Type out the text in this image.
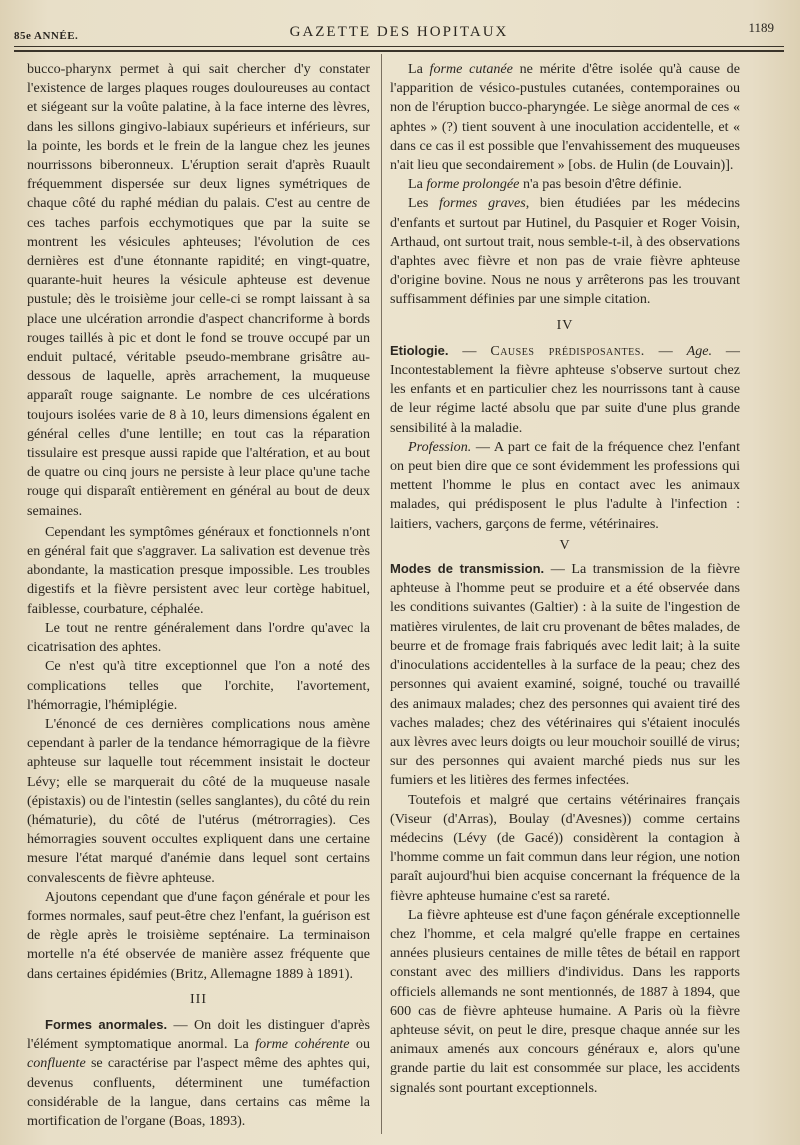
85e ANNÉE.	GAZETTE DES HOPITAUX	1189

bucco-pharynx permet à qui sait chercher d'y constater l'existence de larges plaques rouges douloureuses au contact et siégeant sur la voûte palatine, à la face interne des lèvres, dans les sillons gingivo-labiaux supérieurs et inférieurs, sur la pointe, les bords et le frein de la langue chez les jeunes nourrissons biberonneux. L'éruption serait d'après Ruault fréquemment dispersée sur deux lignes symétriques de chaque côté du raphé médian du palais. C'est au centre de ces taches parfois ecchymotiques que par la suite se montrent les vésicules aphteuses; l'évolution de ces dernières est d'une étonnante rapidité; en vingt-quatre, quarante-huit heures la vésicule aphteuse est devenue pustule; dès le troisième jour celle-ci se rompt laissant à sa place une ulcération arrondie d'aspect chancriforme à bords rouges taillés à pic et dont le fond se trouve occupé par un enduit pultacé, véritable pseudo-membrane grisâtre au-dessous de laquelle, après arrachement, la muqueuse apparaît rouge saignante. Le nombre de ces ulcérations toujours isolées varie de 8 à 10, leurs dimensions égalent en général celles d'une lentille; en tout cas la réparation tissulaire est presque aussi rapide que l'altération, et au bout de quatre ou cinq jours ne persiste à leur place qu'une tache rouge qui disparaît entièrement en général au bout de deux semaines.

Cependant les symptômes généraux et fonctionnels n'ont en général fait que s'aggraver. La salivation est devenue très abondante, la mastication presque impossible. Les troubles digestifs et la fièvre persistent avec leur cortège habituel, faiblesse, courbature, céphalée.

Le tout ne rentre généralement dans l'ordre qu'avec la cicatrisation des aphtes.

Ce n'est qu'à titre exceptionnel que l'on a noté des complications telles que l'orchite, l'avortement, l'hémorragie, l'hémiplégie.

L'énoncé de ces dernières complications nous amène cependant à parler de la tendance hémorragique de la fièvre aphteuse sur laquelle tout récemment insistait le docteur Lévy; elle se marquerait du côté de la muqueuse nasale (épistaxis) ou de l'intestin (selles sanglantes), du côté du rein (hématurie), du côté de l'utérus (métrorragies). Ces hémorragies souvent occultes expliquent dans une certaine mesure l'état marqué d'anémie dans lequel sont certains convalescents de fièvre aphteuse.

Ajoutons cependant que d'une façon générale et pour les formes normales, sauf peut-être chez l'enfant, la guérison est de règle après le troisième septénaire. La terminaison mortelle n'a été observée de manière assez fréquente que dans certaines épidémies (Britz, Allemagne 1889 à 1891).

III

Formes anormales. — On doit les distinguer d'après l'élément symptomatique anormal. La forme cohérente ou confluente se caractérise par l'aspect même des aphtes qui, devenus confluents, déterminent une tuméfaction considérable de la langue, dans certains cas même la mortification de l'organe (Boas, 1893).

La forme cutanée ne mérite d'être isolée qu'à cause de l'apparition de vésico-pustules cutanées, contemporaines ou non de l'éruption bucco-pharyngée. Le siège anormal de ces « aphtes » (?) tient souvent à une inoculation accidentelle, et « dans ce cas il est possible que l'envahissement des muqueuses n'ait lieu que secondairement » [obs. de Hulin (de Louvain)].

La forme prolongée n'a pas besoin d'être définie.

Les formes graves, bien étudiées par les médecins d'enfants et surtout par Hutinel, du Pasquier et Roger Voisin, Arthaud, ont surtout trait, nous semble-t-il, à des observations d'aphtes avec fièvre et non pas de vraie fièvre aphteuse d'origine bovine. Nous ne nous y arrêterons pas les trouvant suffisamment définies par une simple citation.

IV

Etiologie. — Causes prédisposantes. — Age. — Incontestablement la fièvre aphteuse s'observe surtout chez les enfants et en particulier chez les nourrissons tant à cause de leur régime lacté absolu que par suite d'une plus grande sensibilité à la maladie.

Profession. — A part ce fait de la fréquence chez l'enfant on peut bien dire que ce sont évidemment les professions qui mettent l'homme le plus en contact avec les animaux malades, qui prédisposent le plus l'adulte à l'infection : laitiers, vachers, garçons de ferme, vétérinaires.

V

Modes de transmission. — La transmission de la fièvre aphteuse à l'homme peut se produire et a été observée dans les conditions suivantes (Galtier) : à la suite de l'ingestion de matières virulentes, de lait cru provenant de bêtes malades, de beurre et de fromage frais fabriqués avec ledit lait; à la suite d'inoculations accidentelles à la surface de la peau; chez des personnes qui avaient examiné, soigné, touché ou travaillé des animaux malades; chez des personnes qui avaient tiré des vaches malades; chez des vétérinaires qui s'étaient inoculés aux lèvres avec leurs doigts ou leur mouchoir souillé de virus; sur des personnes qui avaient marché pieds nus sur les fumiers et les litières des fermes infectées.

Toutefois et malgré que certains vétérinaires français (Viseur (d'Arras), Boulay (d'Avesnes)) comme certains médecins (Lévy (de Gacé)) considèrent la contagion à l'homme comme un fait commun dans leur région, une notion paraît aujourd'hui bien acquise concernant la fréquence de la fièvre aphteuse humaine c'est sa rareté.

La fièvre aphteuse est d'une façon générale exceptionnelle chez l'homme, et cela malgré qu'elle frappe en certaines années plusieurs centaines de mille têtes de bétail en rapport constant avec des milliers d'individus. Dans les rapports officiels allemands ne sont mentionnés, de 1887 à 1894, que 600 cas de fièvre aphteuse humaine. A Paris où la fièvre aphteuse sévit, on peut le dire, presque chaque année sur les animaux amenés aux concours généraux e, alors qu'une grande partie du lait est consommée sur place, les accidents signalés sont pourtant exceptionnels.
